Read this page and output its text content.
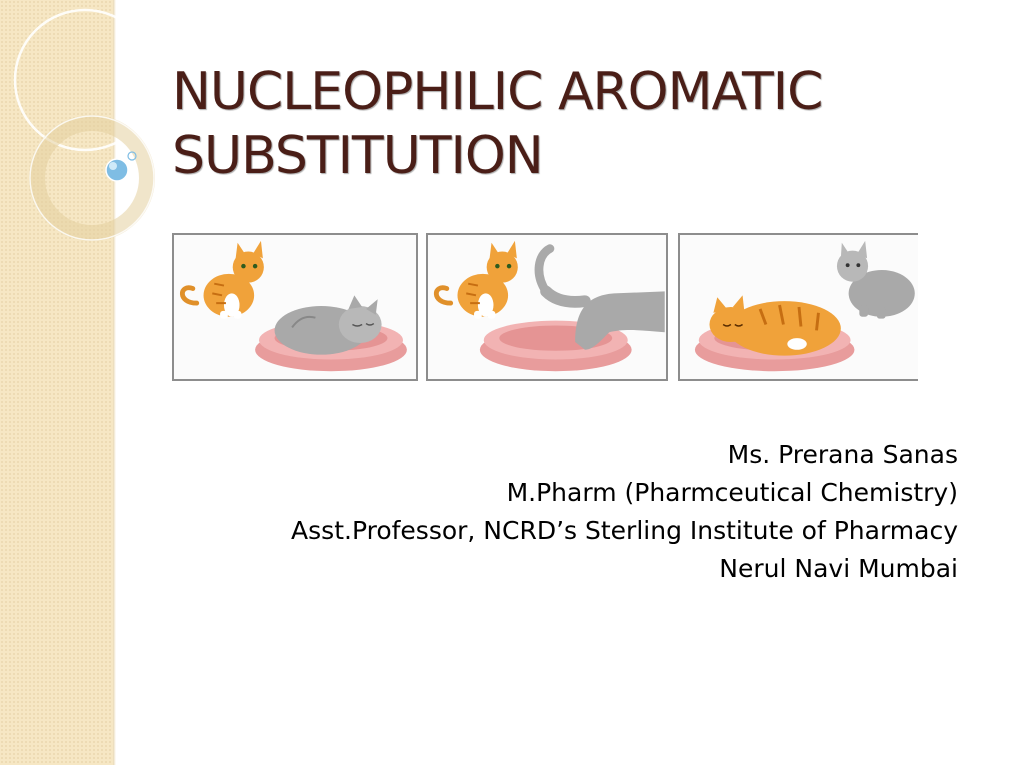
NUCLEOPHILIC AROMATIC
SUBSTITUTION
Ms. Prerana Sanas
M.Pharm (Pharmceutical Chemistry)
Asst.Professor, NCRD’s Sterling Institute of Pharmacy
Nerul Navi Mumbai
